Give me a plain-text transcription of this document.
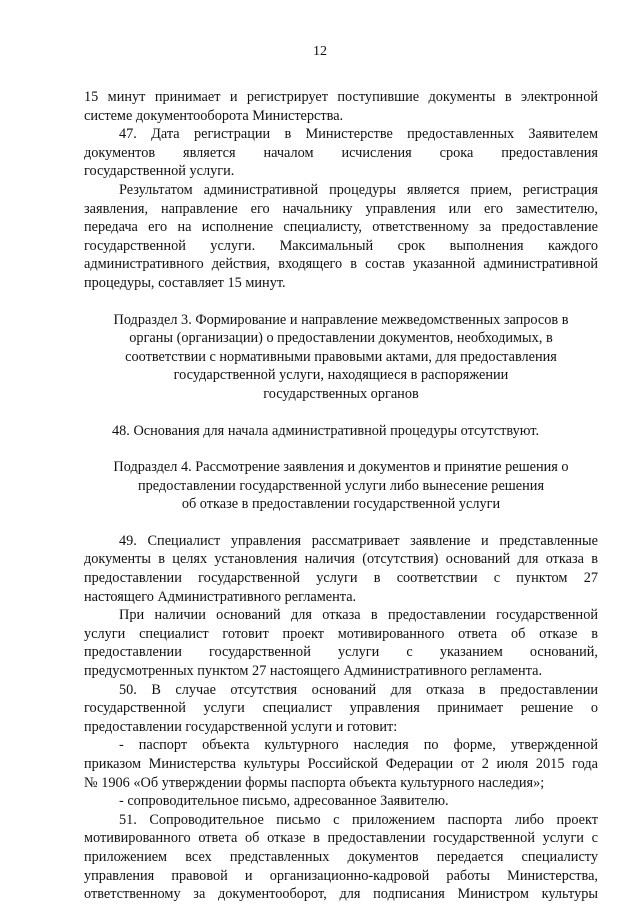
12

15 минут принимает и регистрирует поступившие документы в электронной

системе документооборота Министерства.

47. Дата регистрации в Министерстве предоставленных Заявителем

документов является началом исчисления срока предоставления

государственной услуги.

Результатом административной процедуры является прием, регистрация

заявления, направление его начальнику управления или его заместителю,

передача его на исполнение специалисту, ответственному за предоставление

государственной услуги. Максимальный срок выполнения каждого

административного действия, входящего в состав указанной административной

процедуры, составляет 15 минут.

Подраздел 3. Формирование и направление межведомственных запросов в

органы (организации) о предоставлении документов, необходимых, в

соответствии с нормативными правовыми актами, для предоставления

государственной услуги, находящиеся в распоряжении

государственных органов

48. Основания для начала административной процедуры отсутствуют.

Подраздел 4. Рассмотрение заявления и документов и принятие решения о

предоставлении государственной услуги либо вынесение решения

об отказе в предоставлении государственной услуги

49. Специалист управления рассматривает заявление и представленные

документы в целях установления наличия (отсутствия) оснований для отказа в

предоставлении государственной услуги в соответствии с пунктом 27

настоящего Административного регламента.

При наличии оснований для отказа в предоставлении государственной

услуги специалист готовит проект мотивированного ответа об отказе в

предоставлении государственной услуги с указанием оснований,

предусмотренных пунктом 27 настоящего Административного регламента.

50. В случае отсутствия оснований для отказа в предоставлении

государственной услуги специалист управления принимает решение о

предоставлении государственной услуги и готовит:

- паспорт объекта культурного наследия по форме, утвержденной

приказом Министерства культуры Российской Федерации от 2 июля 2015 года

№ 1906 «Об утверждении формы паспорта объекта культурного наследия»;

- сопроводительное письмо, адресованное Заявителю.

51. Сопроводительное письмо с приложением паспорта либо проект

мотивированного ответа об отказе в предоставлении государственной услуги с

приложением всех представленных документов передается специалисту

управления правовой и организационно-кадровой работы Министерства,

ответственному за документооборот, для подписания Министром культуры
